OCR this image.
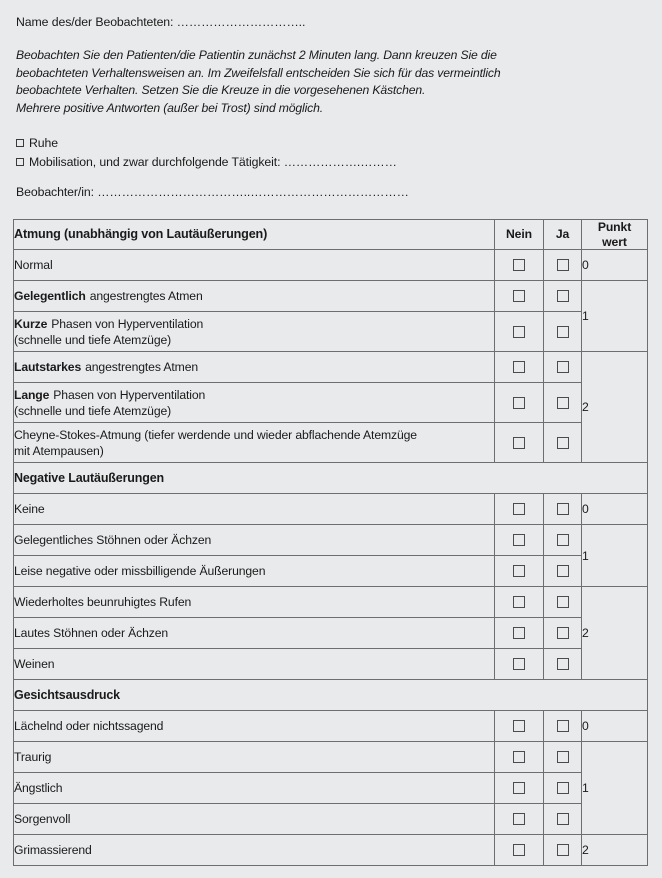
Name des/der Beobachteten: …………………………..
Beobachten Sie den Patienten/die Patientin zunächst 2 Minuten lang. Dann kreuzen Sie die
beobachteten Verhaltensweisen an. Im Zweifelsfall entscheiden Sie sich für das vermeintlich
beobachtete Verhalten. Setzen Sie die Kreuze in die vorgesehenen Kästchen.
Mehrere positive Antworten (außer bei Trost) sind möglich.
Ruhe
Mobilisation, und zwar durchfolgende Tätigkeit: ……………….………
Beobachter/in: ………………………………..…………………………………
Atmung (unabhängig von Lautäußerungen)	Nein	Ja	Punkt
wert
Normal			0
Gelegentlich angestrengtes Atmen			1
Kurze Phasen von Hyperventilation
(schnelle und tiefe Atemzüge)			
Lautstarkes angestrengtes Atmen			2
Lange Phasen von Hyperventilation
(schnelle und tiefe Atemzüge)			
Cheyne-Stokes-Atmung (tiefer werdende und wieder abflachende Atemzüge
mit Atempausen)			
Negative Lautäußerungen			
Keine			0
Gelegentliches Stöhnen oder Ächzen			1
Leise negative oder missbilligende Äußerungen			
Wiederholtes beunruhigtes Rufen			2
Lautes Stöhnen oder Ächzen			
Weinen			
Gesichtsausdruck			
Lächelnd oder nichtssagend			0
Traurig			1
Ängstlich			
Sorgenvoll			
Grimassierend			2
